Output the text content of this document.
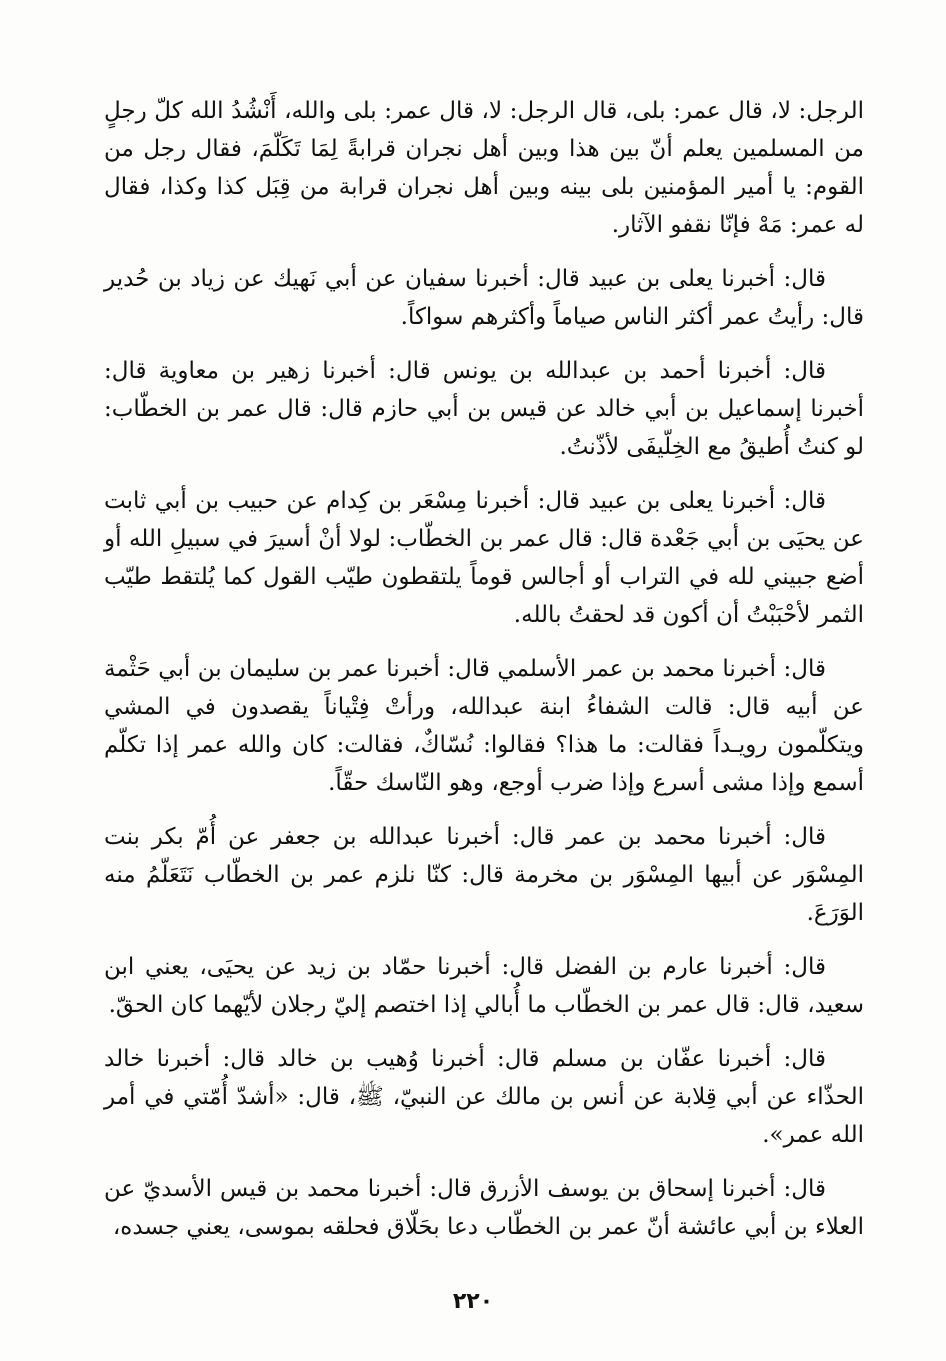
الرجل: لا، قال عمر: بلى، قال الرجل: لا، قال عمر: بلى والله، أَنْشُدُ الله كلّ رجلٍ من المسلمين يعلم أنّ بين هذا وبين أهل نجران قرابةً لِمَا تَكَلّمَ، فقال رجل من القوم: يا أمير المؤمنين بلى بينه وبين أهل نجران قرابة من قِبَل كذا وكذا، فقال له عمر: مَهْ فإنّا نقفو الآثار.

قال: أخبرنا يعلى بن عبيد قال: أخبرنا سفيان عن أبي نَهيك عن زياد بن حُدير قال: رأيتُ عمر أكثر الناس صياماً وأكثرهم سواكاً.

قال: أخبرنا أحمد بن عبدالله بن يونس قال: أخبرنا زهير بن معاوية قال: أخبرنا إسماعيل بن أبي خالد عن قيس بن أبي حازم قال: قال عمر بن الخطّاب: لو كنتُ أُطيقُ مع الخِلّيفَى لأذّنتُ.

قال: أخبرنا يعلى بن عبيد قال: أخبرنا مِسْعَر بن كِدام عن حبيب بن أبي ثابت عن يحيَى بن أبي جَعْدة قال: قال عمر بن الخطّاب: لولا أنْ أسيرَ في سبيلِ الله أو أضع جبيني لله في التراب أو أجالس قوماً يلتقطون طيّب القول كما يُلتقط طيّب الثمر لأحْبَبْتُ أن أكون قد لحقتُ بالله.

قال: أخبرنا محمد بن عمر الأسلمي قال: أخبرنا عمر بن سليمان بن أبي حَثْمة عن أبيه قال: قالت الشفاءُ ابنة عبدالله، ورأتْ فِتْياناً يقصدون في المشي ويتكلّمون رويـداً فقالت: ما هذا؟ فقالوا: نُسّاكٌ، فقالت: كان والله عمر إذا تكلّم أسمع وإذا مشى أسرع وإذا ضرب أوجع، وهو النّاسك حقّاً.

قال: أخبرنا محمد بن عمر قال: أخبرنا عبدالله بن جعفر عن أُمّ بكر بنت المِسْوَر عن أبيها المِسْوَر بن مخرمة قال: كنّا نلزم عمر بن الخطّاب نَتَعَلّمُ منه الوَرَعَ.

قال: أخبرنا عارم بن الفضل قال: أخبرنا حمّاد بن زيد عن يحيَى، يعني ابن سعيد، قال: قال عمر بن الخطّاب ما أُبالي إذا اختصم إليّ رجلان لأيّهما كان الحقّ.

قال: أخبرنا عفّان بن مسلم قال: أخبرنا وُهيب بن خالد قال: أخبرنا خالد الحذّاء عن أبي قِلابة عن أنس بن مالك عن النبيّ، ﷺ، قال: «أشدّ أُمّتي في أمر الله عمر».

قال: أخبرنا إسحاق بن يوسف الأزرق قال: أخبرنا محمد بن قيس الأسديّ عن العلاء بن أبي عائشة أنّ عمر بن الخطّاب دعا بحَلّاق فحلقه بموسى، يعني جسده،

٢٢٠
